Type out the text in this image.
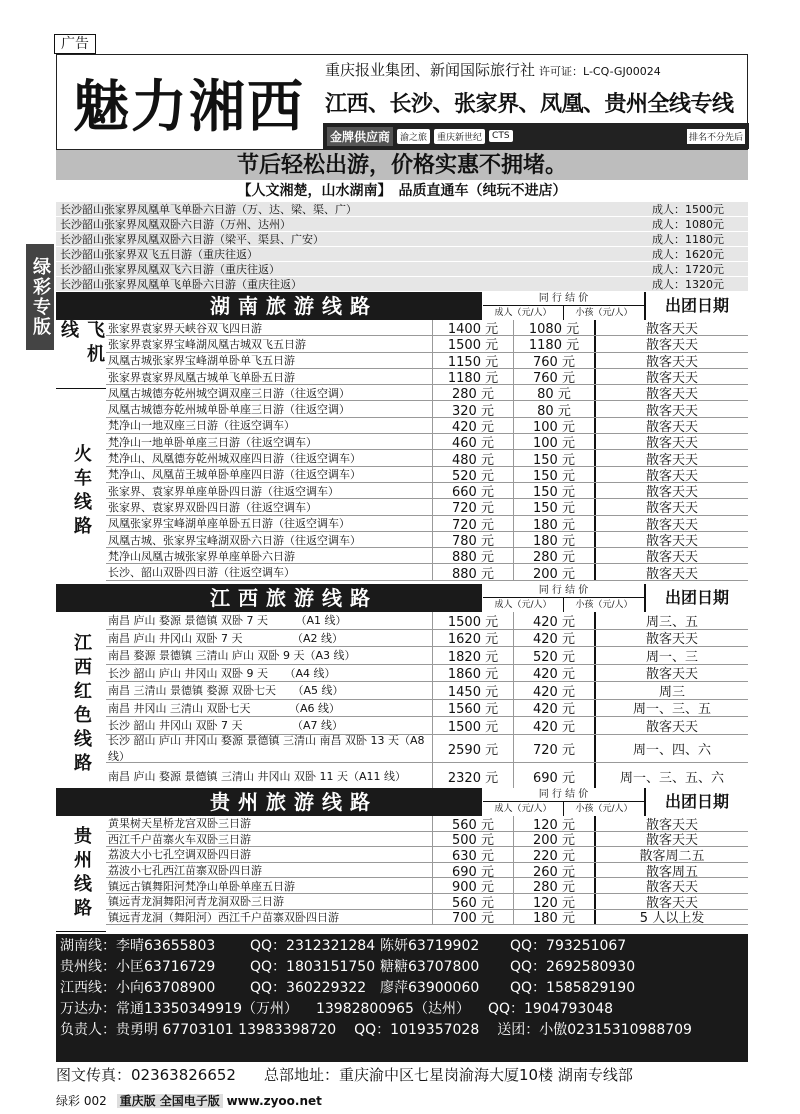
广告
魅力湘西
重庆报业集团、新闻国际旅行社 许可证：L-CQ-GJ00024
江西、长沙、张家界、凤凰、贵州全线专线
金牌供应商	渝之旅	重庆新世纪	CTS	排名不分先后
节后轻松出游，价格实惠不拥堵。
【人文湘楚，山水湖南】　品质直通车（纯玩不进店）
绿彩专版
长沙韶山张家界凤凰单飞单卧六日游（万、达、梁、渠、广）	成人：1500元
长沙韶山张家界凤凰双卧六日游（万州、达州）	成人：1080元
长沙韶山张家界凤凰双卧六日游（梁平、渠县、广安）	成人：1180元
长沙韶山张家界双飞五日游（重庆往返）	成人：1620元
长沙韶山张家界凤凰双飞六日游（重庆往返）	成人：1720元
长沙韶山张家界凤凰单飞单卧六日游（重庆往返）	成人：1320元
湖南旅游线路	同 行 结 价
成人（元/人）	小孩（元/人）	出团日期
飞机线
火车线路
张家界袁家界天峡谷双飞四日游	1400 元	1080 元	散客天天
张家界袁家界宝峰湖凤凰古城双飞五日游	1500 元	1180 元	散客天天
凤凰古城张家界宝峰湖单卧单飞五日游	1150 元	760 元	散客天天
张家界袁家界凤凰古城单飞单卧五日游	1180 元	760 元	散客天天
凤凰古城德夯乾州城空调双座三日游（往返空调）	280 元	80 元	散客天天
凤凰古城德夯乾州城单卧单座三日游（往返空调）	320 元	80 元	散客天天
梵净山一地双座三日游（往返空调车）	420 元	100 元	散客天天
梵净山一地单卧单座三日游（往返空调车）	460 元	100 元	散客天天
梵净山、凤凰德夯乾州城双座四日游（往返空调车）	480 元	150 元	散客天天
梵净山、凤凰苗王城单卧单座四日游（往返空调车）	520 元	150 元	散客天天
张家界、袁家界单座单卧四日游（往返空调车）	660 元	150 元	散客天天
张家界、袁家界双卧四日游（往返空调车）	720 元	150 元	散客天天
凤凰张家界宝峰湖单座单卧五日游（往返空调车）	720 元	180 元	散客天天
凤凰古城、张家界宝峰湖双卧六日游（往返空调车）	780 元	180 元	散客天天
梵净山凤凰古城张家界单座单卧六日游	880 元	280 元	散客天天
长沙、韶山双卧四日游（往返空调车）	880 元	200 元	散客天天
江西旅游线路	同 行 结 价
成人（元/人）	小孩（元/人）	出团日期
江西红色线路
南昌 庐山 婺源 景德镇 双卧 7 天　　　（A1 线）	1500 元	420 元	周三、五
南昌 庐山 井冈山 双卧 7 天　　　　　（A2 线）	1620 元	420 元	散客天天
南昌 婺源 景德镇 三清山 庐山 双卧 9 天（A3 线）	1820 元	520 元	周一、三
长沙 韶山 庐山 井冈山 双卧 9 天　　（A4 线）	1860 元	420 元	散客天天
南昌 三清山 景德镇 婺源 双卧七天　　（A5 线）	1450 元	420 元	周三
南昌 井冈山 三清山 双卧七天　　　　（A6 线）	1560 元	420 元	周一、三、五
长沙 韶山 井冈山 双卧 7 天　　　　　（A7 线）	1500 元	420 元	散客天天
长沙 韶山 庐山 井冈山 婺源 景德镇 三清山 南昌 双卧 13 天（A8 线）	2590 元	720 元	周一、四、六
南昌 庐山 婺源 景德镇 三清山 井冈山 双卧 11 天（A11 线）	2320 元	690 元	周一、三、五、六
贵州旅游线路	同 行 结 价
成人（元/人）	小孩（元/人）	出团日期
贵州线路
黄果树天星桥龙宫双卧三日游	560 元	120 元	散客天天
西江千户苗寨火车双卧三日游	500 元	200 元	散客天天
荔波大小七孔空调双卧四日游	630 元	220 元	散客周二五
荔波小七孔西江苗寨双卧四日游	690 元	260 元	散客周五
镇远古镇舞阳河梵净山单卧单座五日游	900 元	280 元	散客天天
镇远青龙洞舞阳河青龙洞双卧三日游	560 元	120 元	散客天天
镇远青龙洞（舞阳河）西江千户苗寨双卧四日游	700 元	180 元	5 人以上发
湖南线：李晴63655803 QQ：2312321284 陈妍63719902 QQ：793251067
贵州线：小匡63716729 QQ：1803151750 糖糖63707800 QQ：2692580930
江西线：小向63708900 QQ：360229322 廖萍63900060 QQ：1585829190
万达办：常通13350349919（万州） 13982800965（达州） QQ：1904793048
负责人：贵勇明 67703101 13983398720 QQ：1019357028 送团：小傲02315310988709
图文传真：02363826652 总部地址：重庆渝中区七星岗渝海大厦10楼 湖南专线部
绿彩 002 重庆版 全国电子版 www.zyoo.net
